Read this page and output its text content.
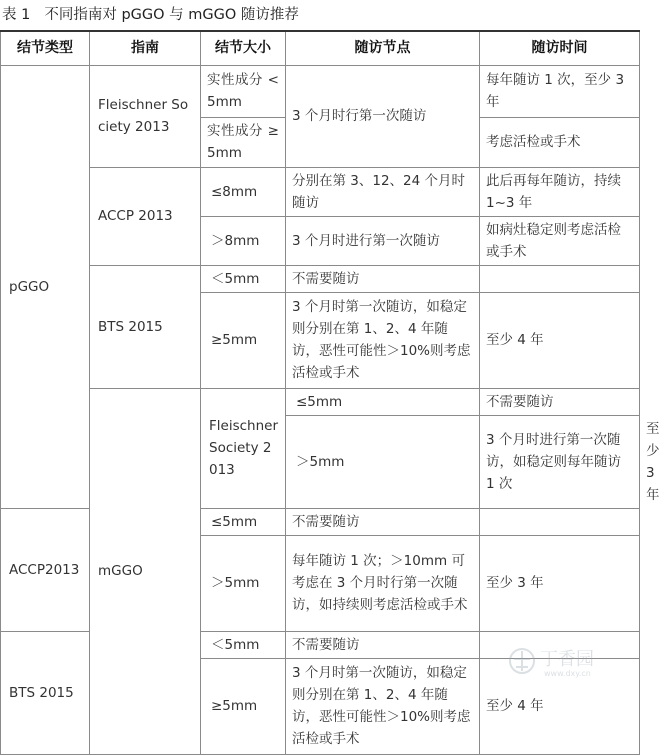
表 1 不同指南对 pGGO 与 mGGO 随访推荐
结节类型	指南	结节大小	随访节点	随访时间	
pGGO	Fleischner Society 2013	实性成分 <5mm	3 个月时行第一次随访	每年随访 1 次，至少 3 年	
		实性成分 ≥5mm		考虑活检或手术	
	ACCP 2013	≤8mm	分别在第 3、12、24 个月时随访	此后再每年随访，持续 1~3 年	
		＞8mm	3 个月时进行第一次随访	如病灶稳定则考虑活检或手术	
	BTS 2015	＜5mm	不需要随访		
		≥5mm	3 个月时第一次随访，如稳定则分别在第 1、2、4 年随访，恶性可能性＞10%则考虑活检或手术	至少 4 年	
	mGGO	Fleischner Society 2013	≤5mm	不需要随访	
			＞5mm	3 个月时进行第一次随访，如稳定则每年随访 1 次	至少 3 年
ACCP2013		≤5mm	不需要随访		
		＞5mm	每年随访 1 次；＞10mm 可考虑在 3 个月时行第一次随访，如持续则考虑活检或手术	至少 3 年	
BTS 2015		＜5mm	不需要随访		
		≥5mm	3 个月时第一次随访，如稳定则分别在第 1、2、4 年随访，恶性可能性＞10%则考虑活检或手术	至少 4 年	
丁香园
www.dxy.cn
